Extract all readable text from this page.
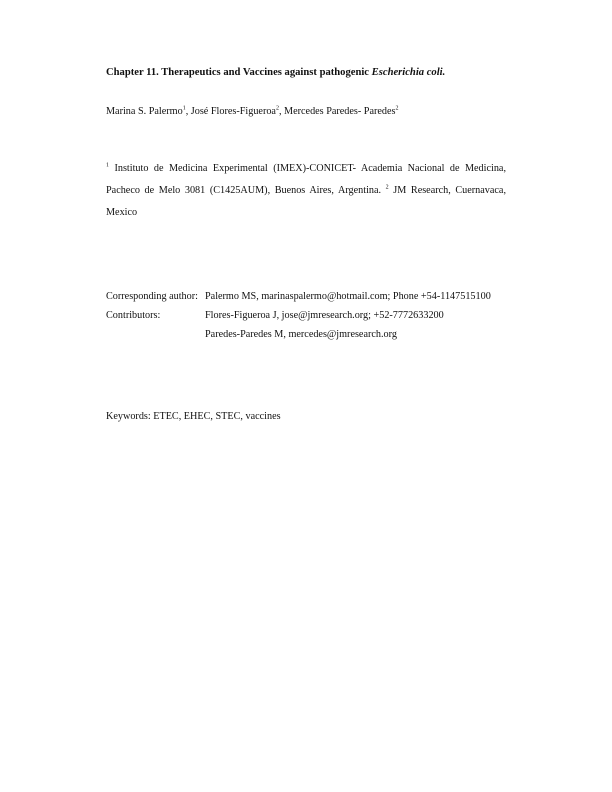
Chapter 11. Therapeutics and Vaccines against pathogenic Escherichia coli.
Marina S. Palermo$^1$, José Flores-Figueroa$^2$, Mercedes Paredes- Paredes$^2$
$^1$ Instituto de Medicina Experimental (IMEX)-CONICET- Academia Nacional de Medicina, Pacheco de Melo 3081 (C1425AUM), Buenos Aires, Argentina. $^2$ JM Research, Cuernavaca, Mexico
Corresponding author: Palermo MS, marinaspalermo@hotmail.com; Phone +54-1147515100
Contributors:	Flores-Figueroa J, jose@jmresearch.org; +52-7772633200
Paredes-Paredes M, mercedes@jmresearch.org
Keywords: ETEC, EHEC, STEC, vaccines
